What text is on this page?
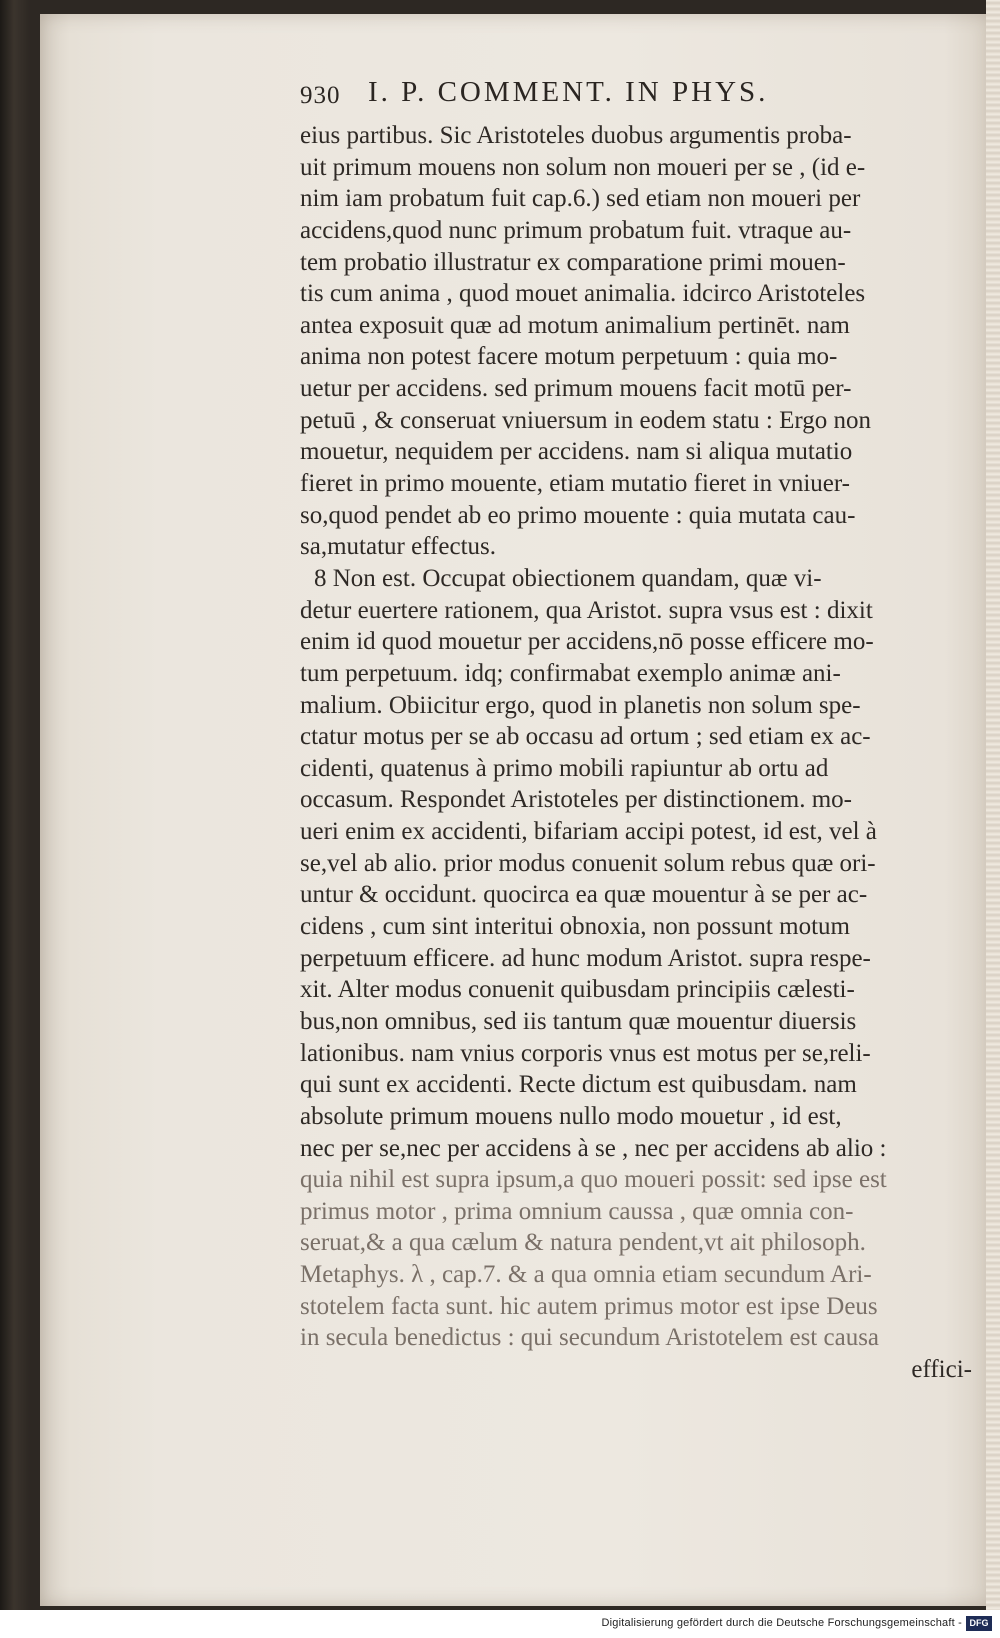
930 I. P. COMMENT. IN PHYS.
eius partibus. Sic Aristoteles duobus argumentis proba-
uit primum mouens non solum non moueri per se , (id e-
nim iam probatum fuit cap.6.) sed etiam non moueri per
accidens,quod nunc primum probatum fuit. vtraque au-
tem probatio illustratur ex comparatione primi mouen-
tis cum anima , quod mouet animalia. idcirco Aristoteles
antea exposuit quæ ad motum animalium pertinēt. nam
anima non potest facere motum perpetuum : quia mo-
uetur per accidens. sed primum mouens facit motū per-
petuū , & conseruat vniuersum in eodem statu : Ergo non
mouetur, nequidem per accidens. nam si aliqua mutatio
fieret in primo mouente, etiam mutatio fieret in vniuer-
so,quod pendet ab eo primo mouente : quia mutata cau-
sa,mutatur effectus.
8 Non est. Occupat obiectionem quandam, quæ vi-
detur euertere rationem, qua Aristot. supra vsus est : dixit
enim id quod mouetur per accidens,nō posse efficere mo-
tum perpetuum. idq; confirmabat exemplo animæ ani-
malium. Obiicitur ergo, quod in planetis non solum spe-
ctatur motus per se ab occasu ad ortum ; sed etiam ex ac-
cidenti, quatenus à primo mobili rapiuntur ab ortu ad
occasum. Respondet Aristoteles per distinctionem. mo-
ueri enim ex accidenti, bifariam accipi potest, id est, vel à
se,vel ab alio. prior modus conuenit solum rebus quæ ori-
untur & occidunt. quocirca ea quæ mouentur à se per ac-
cidens , cum sint interitui obnoxia, non possunt motum
perpetuum efficere. ad hunc modum Aristot. supra respe-
xit. Alter modus conuenit quibusdam principiis cælesti-
bus,non omnibus, sed iis tantum quæ mouentur diuersis
lationibus. nam vnius corporis vnus est motus per se,reli-
qui sunt ex accidenti. Recte dictum est quibusdam. nam
absolute primum mouens nullo modo mouetur , id est,
nec per se,nec per accidens à se , nec per accidens ab alio :
quia nihil est supra ipsum,a quo moueri possit: sed ipse est
primus motor , prima omnium caussa , quæ omnia con-
seruat,& a qua cælum & natura pendent,vt ait philosoph.
Metaphys. λ , cap.7. & a qua omnia etiam secundum Ari-
stotelem facta sunt. hic autem primus motor est ipse Deus
in secula benedictus : qui secundum Aristotelem est causa
effici-
Digitalisierung gefördert durch die Deutsche Forschungsgemeinschaft - DFG
